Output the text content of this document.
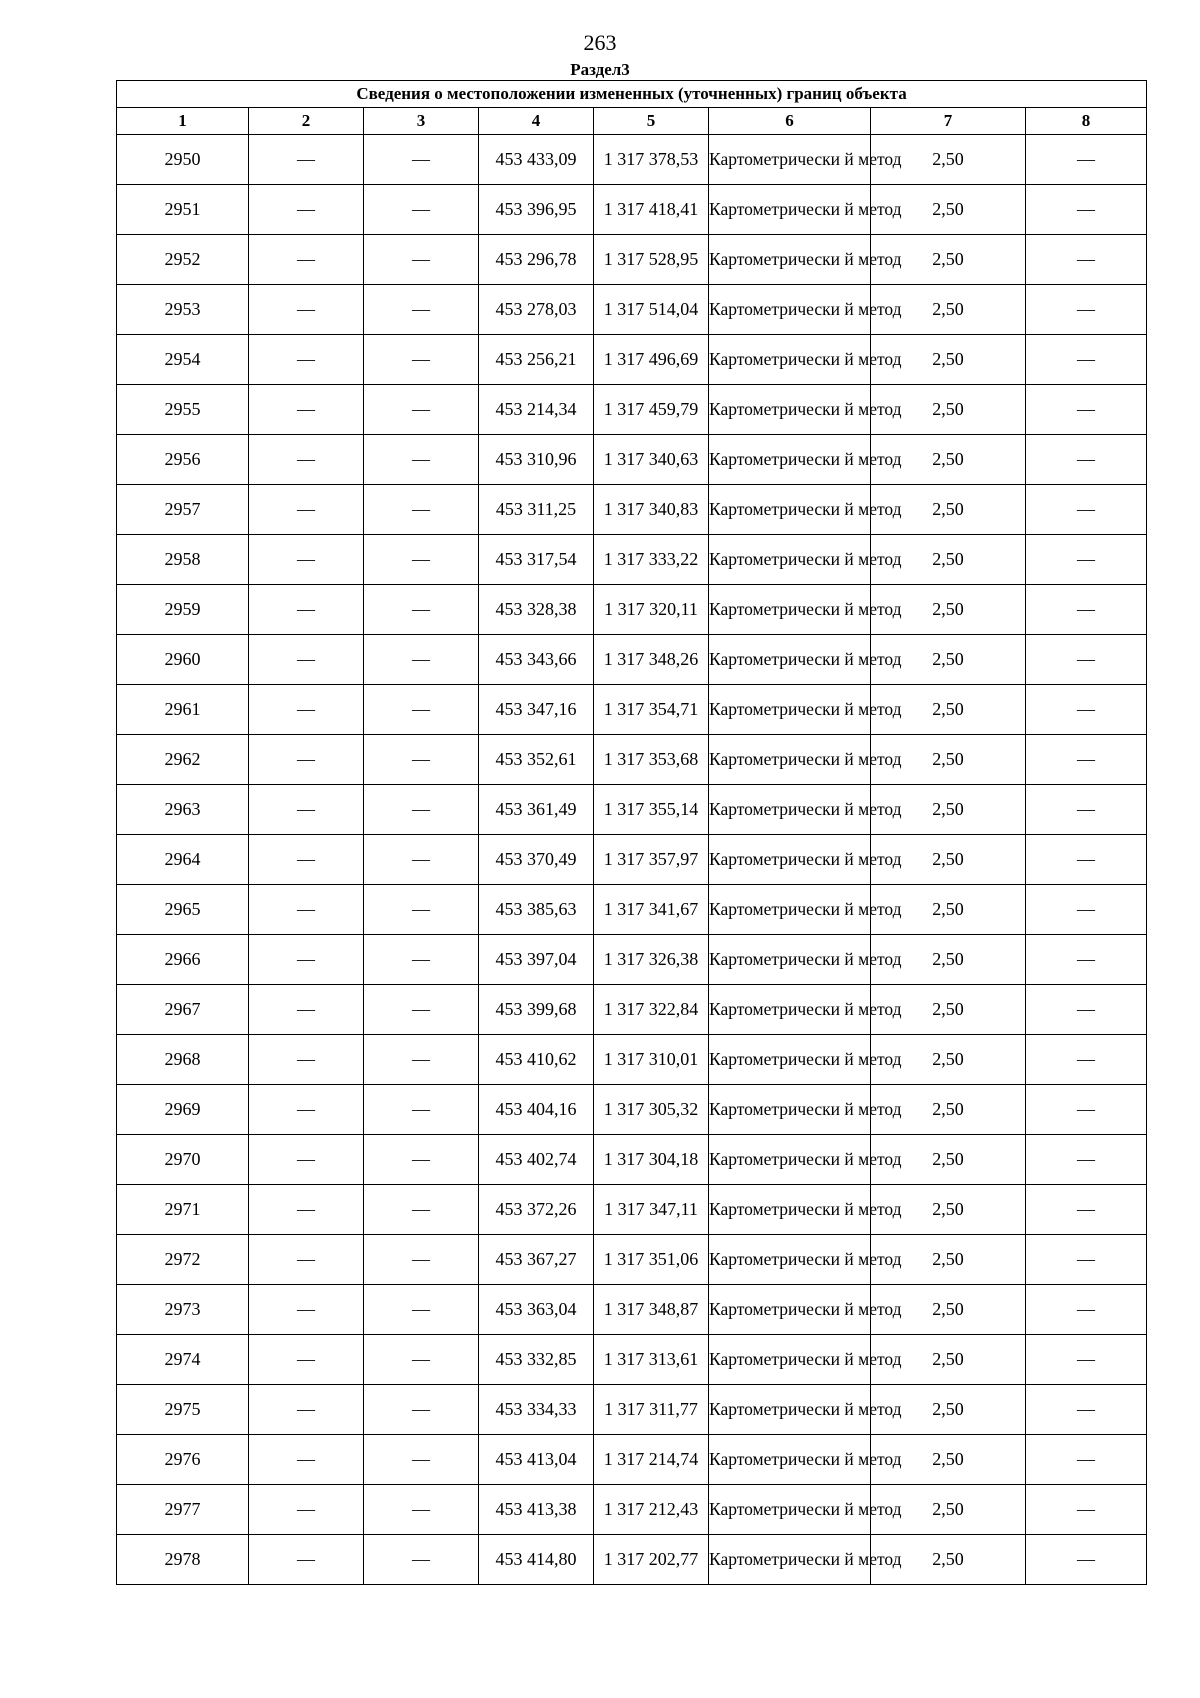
263
Раздел3
Сведения о местоположении измененных (уточненных) границ объекта							
1	2	3	4	5	6	7	8
2950	—	—	453 433,09	1 317 378,53	Картометрически й метод	2,50	—
2951	—	—	453 396,95	1 317 418,41	Картометрически й метод	2,50	—
2952	—	—	453 296,78	1 317 528,95	Картометрически й метод	2,50	—
2953	—	—	453 278,03	1 317 514,04	Картометрически й метод	2,50	—
2954	—	—	453 256,21	1 317 496,69	Картометрически й метод	2,50	—
2955	—	—	453 214,34	1 317 459,79	Картометрически й метод	2,50	—
2956	—	—	453 310,96	1 317 340,63	Картометрически й метод	2,50	—
2957	—	—	453 311,25	1 317 340,83	Картометрически й метод	2,50	—
2958	—	—	453 317,54	1 317 333,22	Картометрически й метод	2,50	—
2959	—	—	453 328,38	1 317 320,11	Картометрически й метод	2,50	—
2960	—	—	453 343,66	1 317 348,26	Картометрически й метод	2,50	—
2961	—	—	453 347,16	1 317 354,71	Картометрически й метод	2,50	—
2962	—	—	453 352,61	1 317 353,68	Картометрически й метод	2,50	—
2963	—	—	453 361,49	1 317 355,14	Картометрически й метод	2,50	—
2964	—	—	453 370,49	1 317 357,97	Картометрически й метод	2,50	—
2965	—	—	453 385,63	1 317 341,67	Картометрически й метод	2,50	—
2966	—	—	453 397,04	1 317 326,38	Картометрически й метод	2,50	—
2967	—	—	453 399,68	1 317 322,84	Картометрически й метод	2,50	—
2968	—	—	453 410,62	1 317 310,01	Картометрически й метод	2,50	—
2969	—	—	453 404,16	1 317 305,32	Картометрически й метод	2,50	—
2970	—	—	453 402,74	1 317 304,18	Картометрически й метод	2,50	—
2971	—	—	453 372,26	1 317 347,11	Картометрически й метод	2,50	—
2972	—	—	453 367,27	1 317 351,06	Картометрически й метод	2,50	—
2973	—	—	453 363,04	1 317 348,87	Картометрически й метод	2,50	—
2974	—	—	453 332,85	1 317 313,61	Картометрически й метод	2,50	—
2975	—	—	453 334,33	1 317 311,77	Картометрически й метод	2,50	—
2976	—	—	453 413,04	1 317 214,74	Картометрически й метод	2,50	—
2977	—	—	453 413,38	1 317 212,43	Картометрически й метод	2,50	—
2978	—	—	453 414,80	1 317 202,77	Картометрически й метод	2,50	—
